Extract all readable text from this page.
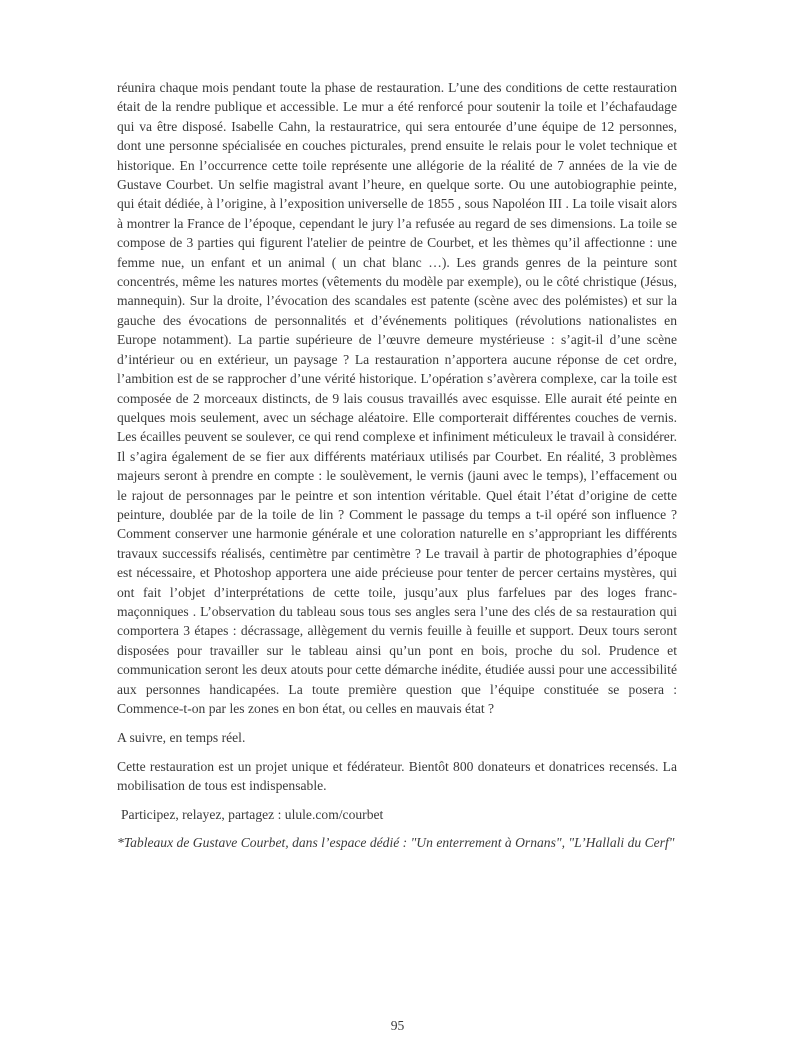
réunira chaque mois pendant toute la phase de restauration. L’une des conditions de cette restauration était de la rendre publique et accessible. Le mur a été renforcé pour soutenir la toile et l’échafaudage qui va être disposé. Isabelle Cahn, la restauratrice, qui sera entourée d’une équipe de 12 personnes, dont une personne spécialisée en couches picturales, prend ensuite le relais pour le volet technique et historique. En l’occurrence cette toile représente une allégorie de la réalité de 7 années de la vie de Gustave Courbet. Un selfie magistral avant l’heure, en quelque sorte. Ou une autobiographie peinte, qui était dédiée, à l’origine, à l’exposition universelle de 1855 , sous Napoléon III . La toile visait alors à montrer la France de l’époque, cependant le jury l’a refusée au regard de ses dimensions. La toile se compose de 3 parties qui figurent l'atelier de peintre de Courbet, et les thèmes qu’il affectionne : une femme nue, un enfant et un animal ( un chat blanc …). Les grands genres de la peinture sont concentrés, même les natures mortes (vêtements du modèle par exemple), ou le côté christique (Jésus, mannequin). Sur la droite, l’évocation des scandales est patente (scène avec des polémistes) et sur la gauche des évocations de personnalités et d’événements politiques (révolutions nationalistes en Europe notamment). La partie supérieure de l’œuvre demeure mystérieuse : s’agit-il d’une scène d’intérieur ou en extérieur, un paysage ? La restauration n’apportera aucune réponse de cet ordre, l’ambition est de se rapprocher d’une vérité historique. L’opération s’avèrera complexe, car la toile est composée de 2 morceaux distincts, de 9 lais cousus travaillés avec esquisse. Elle aurait été peinte en quelques mois seulement, avec un séchage aléatoire. Elle comporterait différentes couches de vernis. Les écailles peuvent se soulever, ce qui rend complexe et infiniment méticuleux le travail à considérer. Il s’agira également de se fier aux différents matériaux utilisés par Courbet. En réalité, 3 problèmes majeurs seront à prendre en compte : le soulèvement, le vernis (jauni avec le temps), l’effacement ou le rajout de personnages par le peintre et son intention véritable. Quel était l’état d’origine de cette peinture, doublée par de la toile de lin ? Comment le passage du temps a t-il opéré son influence ? Comment conserver une harmonie générale et une coloration naturelle en s’appropriant les différents travaux successifs réalisés, centimètre par centimètre ? Le travail à partir de photographies d’époque est nécessaire, et Photoshop apportera une aide précieuse pour tenter de percer certains mystères, qui ont fait l’objet d’interprétations de cette toile, jusqu’aux plus farfelues par des loges franc-maçonniques . L’observation du tableau sous tous ses angles sera l’une des clés de sa restauration qui comportera 3 étapes : décrassage, allègement du vernis feuille à feuille et support. Deux tours seront disposées pour travailler sur le tableau ainsi qu’un pont en bois, proche du sol. Prudence et communication seront les deux atouts pour cette démarche inédite, étudiée aussi pour une accessibilité aux personnes handicapées. La toute première question que l’équipe constituée se posera : Commence-t-on par les zones en bon état, ou celles en mauvais état ?

A suivre, en temps réel.

Cette restauration est un projet unique et fédérateur. Bientôt 800 donateurs et donatrices recensés. La mobilisation de tous est indispensable.

Participez, relayez, partagez : ulule.com/courbet

*Tableaux de Gustave Courbet, dans l’espace dédié : "Un enterrement à Ornans", "L’Hallali du Cerf"

95
